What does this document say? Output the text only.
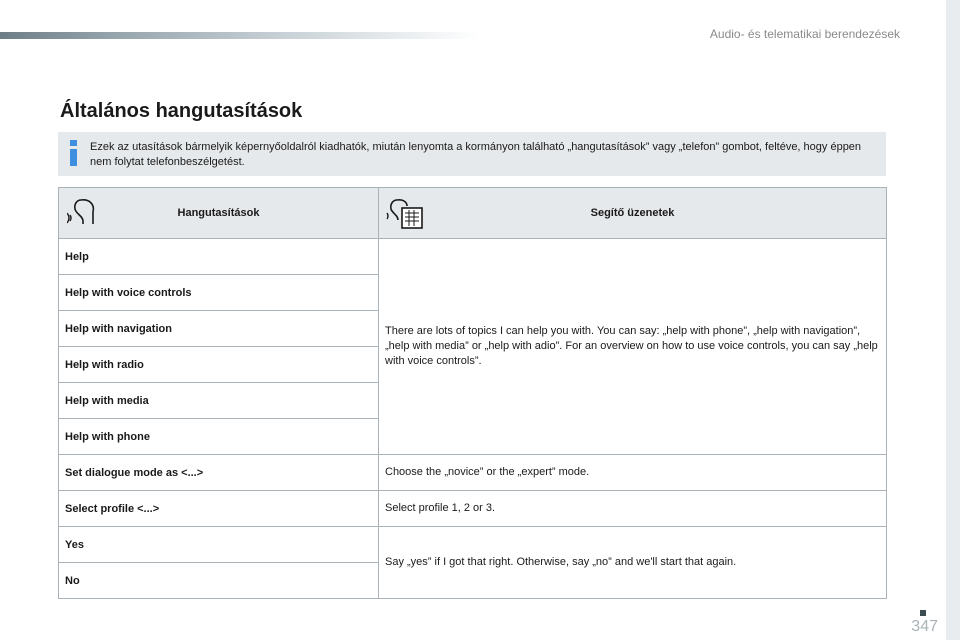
Audio- és telematikai berendezések
Általános hangutasítások
Ezek az utasítások bármelyik képernyőoldalról kiadhatók, miután lenyomta a kormányon található „hangutasítások” vagy „telefon” gombot, feltéve, hogy éppen nem folytat telefonbeszélgetést.
Hangutasítások	Segítő üzenetek

Help	There are lots of topics I can help you with. You can say: „help with phone”, „help with navigation”, „help with media” or „help with adio”. For an overview on how to use voice controls, you can say „help with voice controls”.
Help with voice controls	
Help with navigation	
Help with radio	
Help with media	
Help with phone	
Set dialogue mode as <...>	Choose the „novice” or the „expert” mode.
Select profile <...>	Select profile 1, 2 or 3.
Yes	Say „yes” if I got that right. Otherwise, say „no” and we'll start that again.
No	
347
